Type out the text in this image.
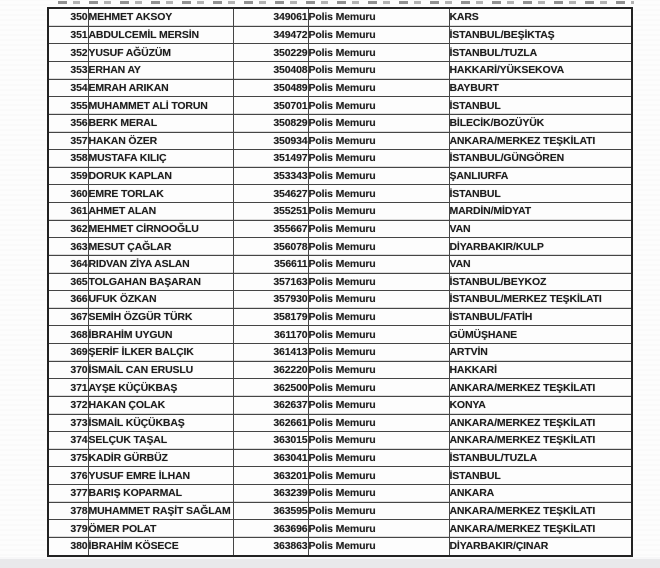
350	MEHMET AKSOY	349061	Polis Memuru	KARS
351	ABDULCEMİL MERSİN	349472	Polis Memuru	İSTANBUL/BEŞİKTAŞ
352	YUSUF AĞÜZÜM	350229	Polis Memuru	İSTANBUL/TUZLA
353	ERHAN AY	350408	Polis Memuru	HAKKARİ/YÜKSEKOVA
354	EMRAH ARIKAN	350489	Polis Memuru	BAYBURT
355	MUHAMMET ALİ TORUN	350701	Polis Memuru	İSTANBUL
356	BERK MERAL	350829	Polis Memuru	BİLECİK/BOZÜYÜK
357	HAKAN ÖZER	350934	Polis Memuru	ANKARA/MERKEZ TEŞKİLATI
358	MUSTAFA KILIÇ	351497	Polis Memuru	İSTANBUL/GÜNGÖREN
359	DORUK KAPLAN	353343	Polis Memuru	ŞANLIURFA
360	EMRE TORLAK	354627	Polis Memuru	İSTANBUL
361	AHMET ALAN	355251	Polis Memuru	MARDİN/MİDYAT
362	MEHMET CİRNOOĞLU	355667	Polis Memuru	VAN
363	MESUT ÇAĞLAR	356078	Polis Memuru	DİYARBAKIR/KULP
364	RIDVAN ZİYA ASLAN	356611	Polis Memuru	VAN
365	TOLGAHAN BAŞARAN	357163	Polis Memuru	İSTANBUL/BEYKOZ
366	UFUK ÖZKAN	357930	Polis Memuru	İSTANBUL/MERKEZ TEŞKİLATI
367	SEMİH ÖZGÜR TÜRK	358179	Polis Memuru	İSTANBUL/FATİH
368	İBRAHİM UYGUN	361170	Polis Memuru	GÜMÜŞHANE
369	ŞERİF İLKER BALÇIK	361413	Polis Memuru	ARTVİN
370	İSMAİL CAN ERUSLU	362220	Polis Memuru	HAKKARİ
371	AYŞE KÜÇÜKBAŞ	362500	Polis Memuru	ANKARA/MERKEZ TEŞKİLATI
372	HAKAN ÇOLAK	362637	Polis Memuru	KONYA
373	İSMAİL KÜÇÜKBAŞ	362661	Polis Memuru	ANKARA/MERKEZ TEŞKİLATI
374	SELÇUK TAŞAL	363015	Polis Memuru	ANKARA/MERKEZ TEŞKİLATI
375	KADİR GÜRBÜZ	363041	Polis Memuru	İSTANBUL/TUZLA
376	YUSUF EMRE İLHAN	363201	Polis Memuru	İSTANBUL
377	BARIŞ KOPARMAL	363239	Polis Memuru	ANKARA
378	MUHAMMET RAŞİT SAĞLAM	363595	Polis Memuru	ANKARA/MERKEZ TEŞKİLATI
379	ÖMER POLAT	363696	Polis Memuru	ANKARA/MERKEZ TEŞKİLATI
380	İBRAHİM KÖSECE	363863	Polis Memuru	DİYARBAKIR/ÇINAR
